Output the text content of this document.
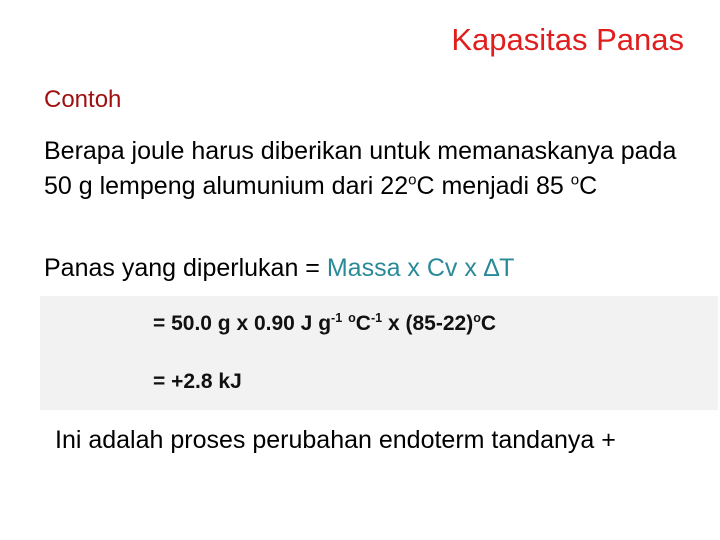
Kapasitas Panas
Contoh
Berapa joule harus diberikan untuk memanaskanya pada 50 g lempeng alumunium dari 22$^o$C menjadi 85 $^o$C
Panas yang diperlukan = Massa x Cv x ∆T
= 50.0 g x 0.90 J $g^{-1}$ $^oC^{-1}$ x $(85-22)^oC$
= +2.8 kJ
Ini adalah proses perubahan endoterm tandanya +
